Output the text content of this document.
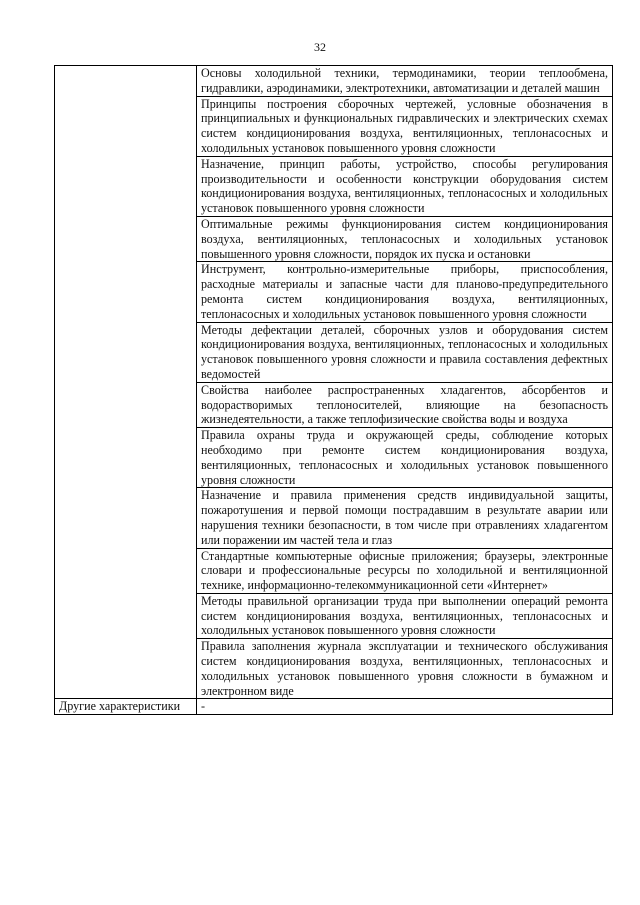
32

	Основы холодильной техники, термодинамики, теории теплообмена, гидравлики, аэродинамики, электротехники, автоматизации и деталей машин

	Принципы построения сборочных чертежей, условные обозначения в принципиальных и функциональных гидравлических и электрических схемах систем кондиционирования воздуха, вентиляционных, теплонасосных и холодильных установок повышенного уровня сложности

	Назначение, принцип работы, устройство, способы регулирования производительности и особенности конструкции оборудования систем кондиционирования воздуха, вентиляционных, теплонасосных и холодильных установок повышенного уровня сложности

	Оптимальные режимы функционирования систем кондиционирования воздуха, вентиляционных, теплонасосных и холодильных установок повышенного уровня сложности, порядок их пуска и остановки

	Инструмент, контрольно-измерительные приборы, приспособления, расходные материалы и запасные части для планово-предупредительного ремонта систем кондиционирования воздуха, вентиляционных, теплонасосных и холодильных установок повышенного уровня сложности

	Методы дефектации деталей, сборочных узлов и оборудования систем кондиционирования воздуха, вентиляционных, теплонасосных и холодильных установок повышенного уровня сложности и правила составления дефектных ведомостей

	Свойства наиболее распространенных хладагентов, абсорбентов и водорастворимых теплоносителей, влияющие на безопасность жизнедеятельности, а также теплофизические свойства воды и воздуха

	Правила охраны труда и окружающей среды, соблюдение которых необходимо при ремонте систем кондиционирования воздуха, вентиляционных, теплонасосных и холодильных установок повышенного уровня сложности

	Назначение и правила применения средств индивидуальной защиты, пожаротушения и первой помощи пострадавшим в результате аварии или нарушения техники безопасности, в том числе при отравлениях хладагентом или поражении им частей тела и глаз

	Стандартные компьютерные офисные приложения; браузеры, электронные словари и профессиональные ресурсы по холодильной и вентиляционной технике, информационно-телекоммуникационной сети «Интернет»

	Методы правильной организации труда при выполнении операций ремонта систем кондиционирования воздуха, вентиляционных, теплонасосных и холодильных установок повышенного уровня сложности

	Правила заполнения журнала эксплуатации и технического обслуживания систем кондиционирования воздуха, вентиляционных, теплонасосных и холодильных установок повышенного уровня сложности в бумажном и электронном виде

Другие характеристики	-
